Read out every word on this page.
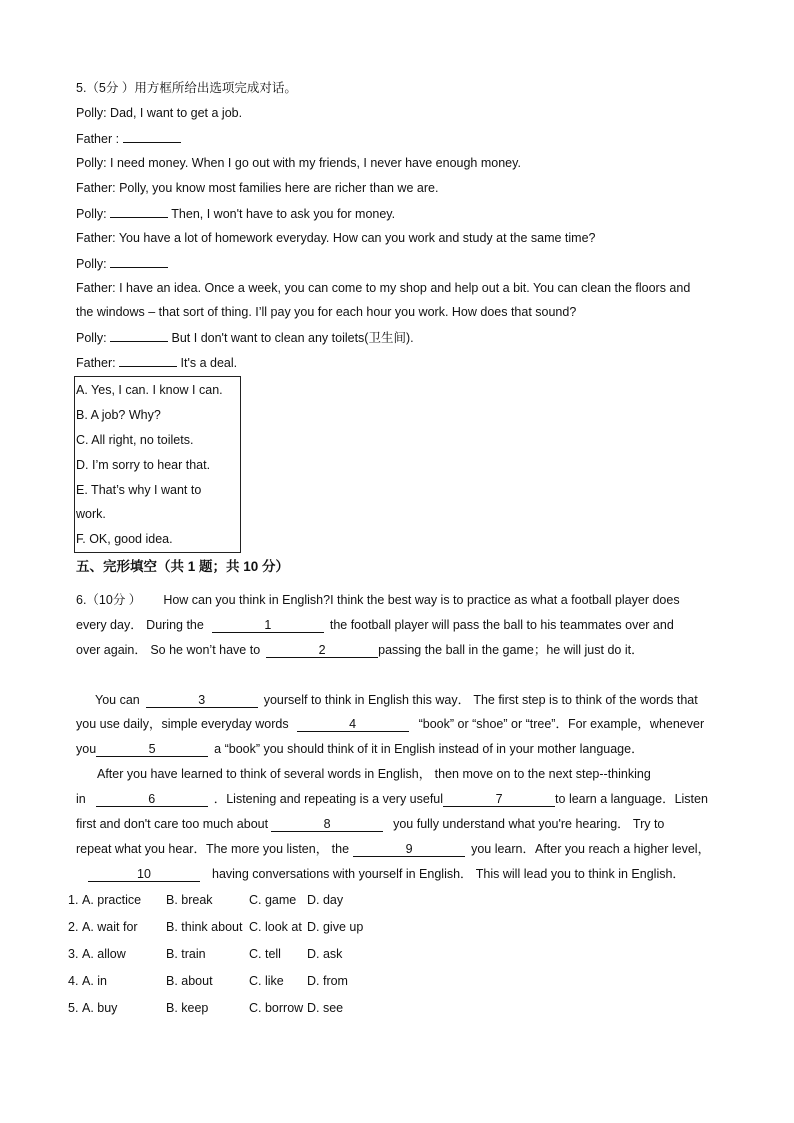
5.（5分 ）用方框所给出选项完成对话。
Polly: Dad, I want to get a job.
Father :
Polly: I need money. When I go out with my friends, I never have enough money.
Father: Polly, you know most families here are richer than we are.
Polly:	Then, I won't have to ask you for money.
Father: You have a lot of homework everyday. How can you work and study at the same time?
Polly:
Father: I have an idea. Once a week, you can come to my shop and help out a bit. You can clean the floors and
the windows – that sort of thing. I’ll pay you for each hour you work. How does that sound?
Polly:	But I don't want to clean any toilets(卫生间).
Father:	It's a deal.
A. Yes, I can. I know I can.
B. A job? Why?
C. All right, no toilets.
D. I’m sorry to hear that.
E. That’s why I want to
work.
F. OK, good idea.
五、完形填空（共 1 题；共 10 分）
6.（10分 ） How can you think in English?I think the best way is to practice as what a football player does
every day． During the	1	the football player will pass the ball to his teammates over and
over again． So he won’t have to	2	passing the ball in the game；he will just do it．
You can	3	yourself to think in English this way． The first step is to think of the words that
you use daily，simple everyday words	4	“book” or “shoe” or “tree”．For example，whenever
you	5	a “book” you should think of it in English instead of in your mother language．
After you have learned to think of several words in English， then move on to the next step--thinking
in	6	．Listening and repeating is a very useful	7	to learn a language．Listen
first and don't care too much about	8	you fully understand what you're hearing． Try to
repeat what you hear．The more you listen， the	9	you learn．After you reach a higher level，
10	having conversations with yourself in English． This will lead you to think in English．
1. A. practice B. break	C. game D. day
2. A. wait for B. think about C. look at D. give up
3. A. allow	B. train	C. tell D. ask
4. A. in	B. about	C. like D. from
5. A. buy	B. keep	C. borrow D. see
